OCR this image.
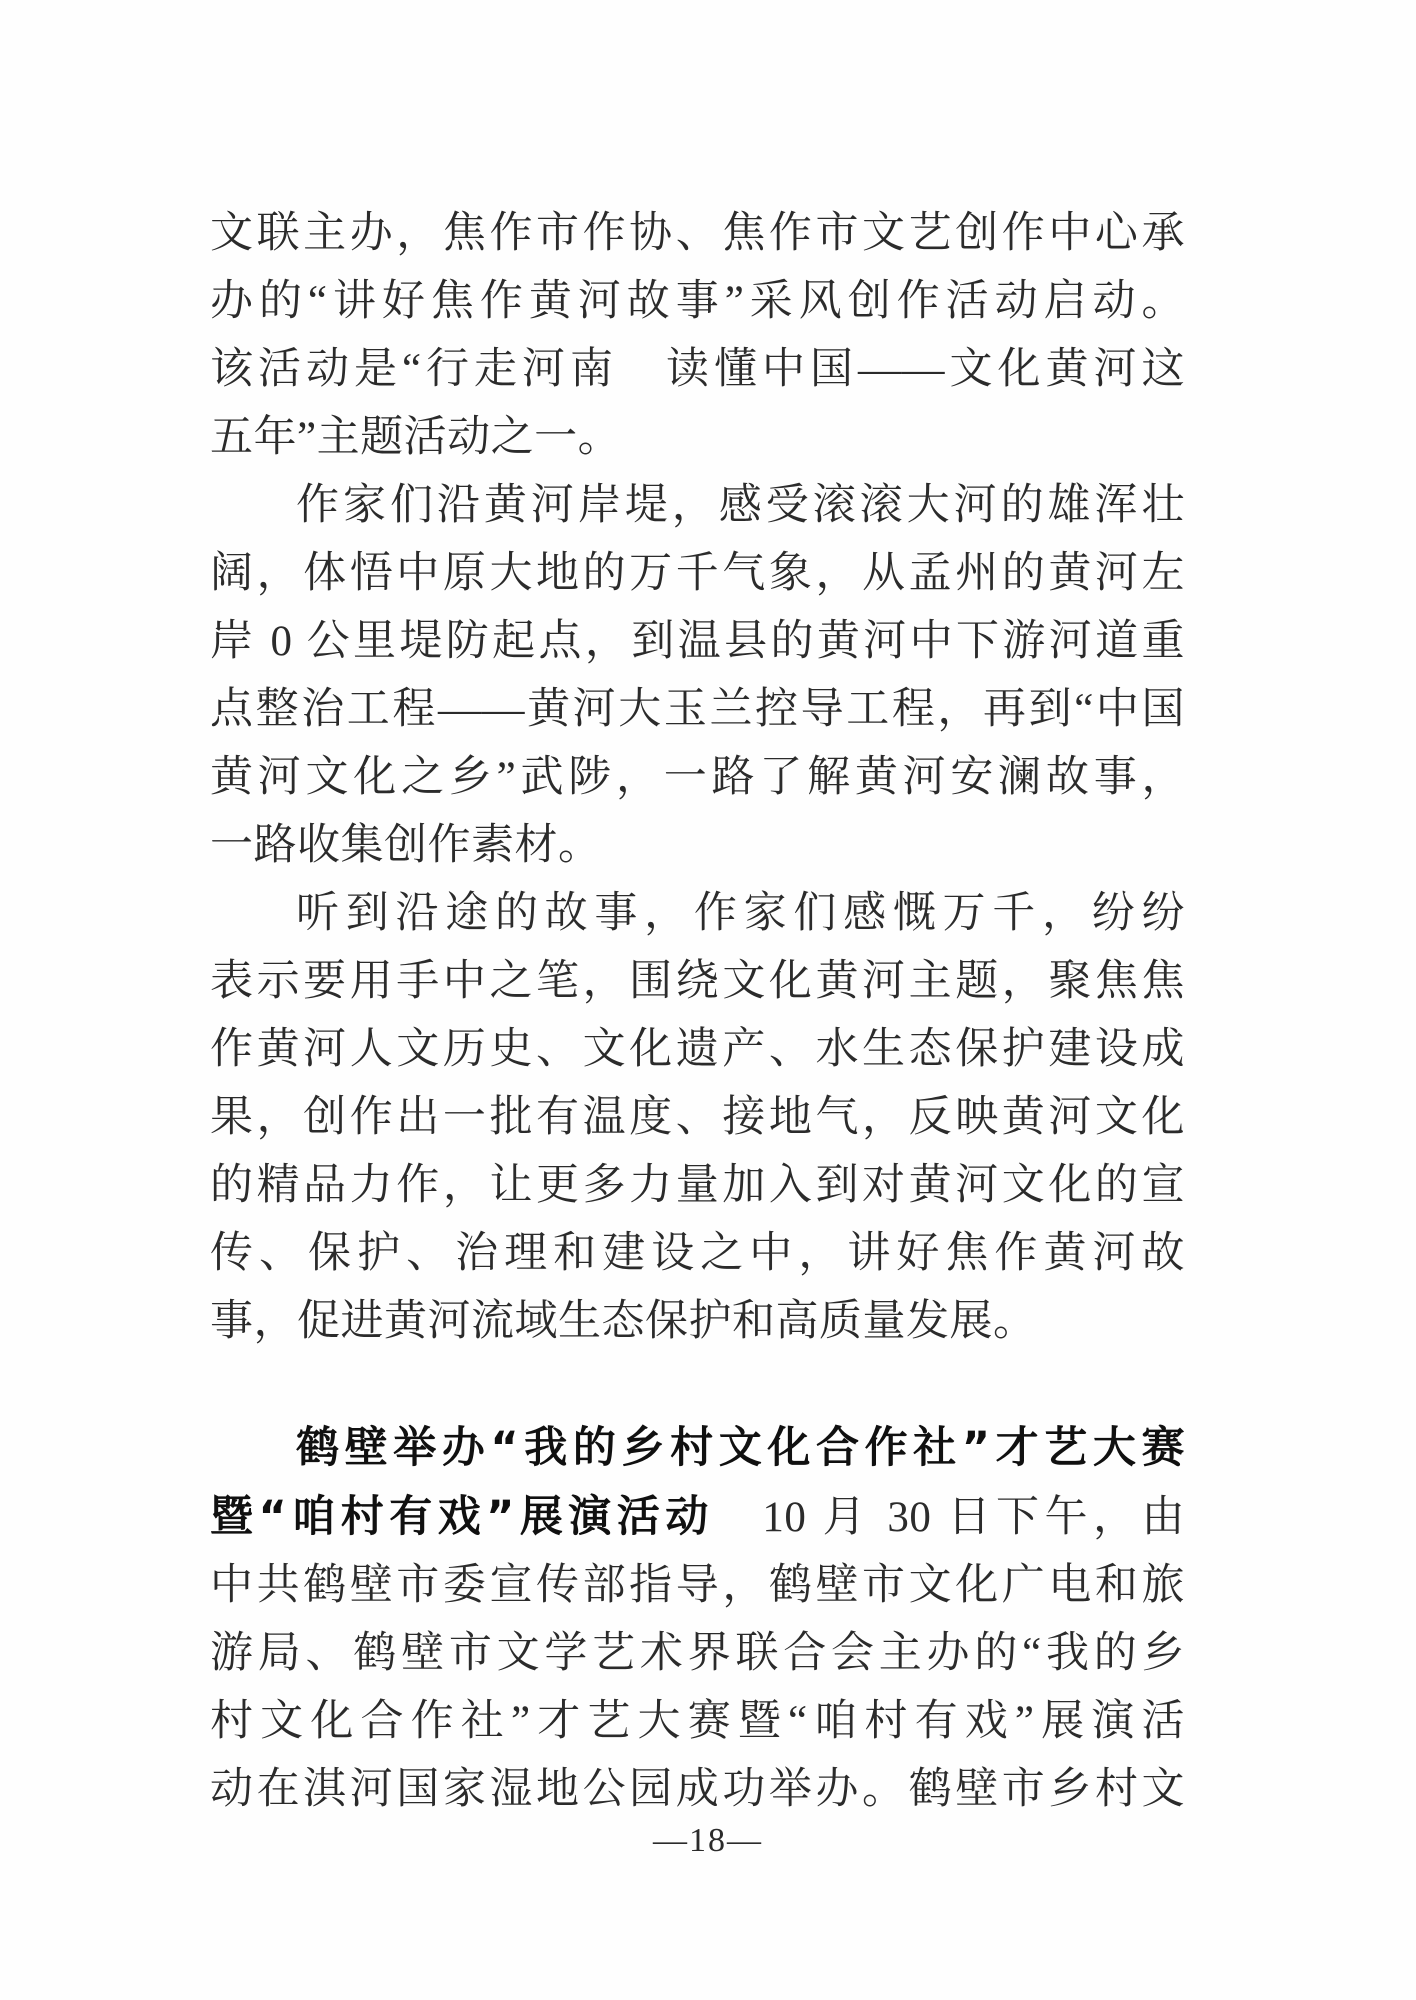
文联主办，焦作市作协、焦作市文艺创作中心承
办的“讲好焦作黄河故事”采风创作活动启动。
该活动是“行走河南　读懂中国——文化黄河这
五年”主题活动之一。
作家们沿黄河岸堤，感受滚滚大河的雄浑壮
阔，体悟中原大地的万千气象，从孟州的黄河左
岸 0 公里堤防起点，到温县的黄河中下游河道重
点整治工程——黄河大玉兰控导工程，再到“中国
黄河文化之乡”武陟，一路了解黄河安澜故事，
一路收集创作素材。
听到沿途的故事，作家们感慨万千，纷纷
表示要用手中之笔，围绕文化黄河主题，聚焦焦
作黄河人文历史、文化遗产、水生态保护建设成
果，创作出一批有温度、接地气，反映黄河文化
的精品力作，让更多力量加入到对黄河文化的宣
传、保护、治理和建设之中，讲好焦作黄河故
事，促进黄河流域生态保护和高质量发展。
鹤壁举办“我的乡村文化合作社”才艺大赛
暨“咱村有戏”展演活动　10 月 30 日下午，由
中共鹤壁市委宣传部指导，鹤壁市文化广电和旅
游局、鹤壁市文学艺术界联合会主办的“我的乡
村文化合作社”才艺大赛暨“咱村有戏”展演活
动在淇河国家湿地公园成功举办。鹤壁市乡村文
—18—
